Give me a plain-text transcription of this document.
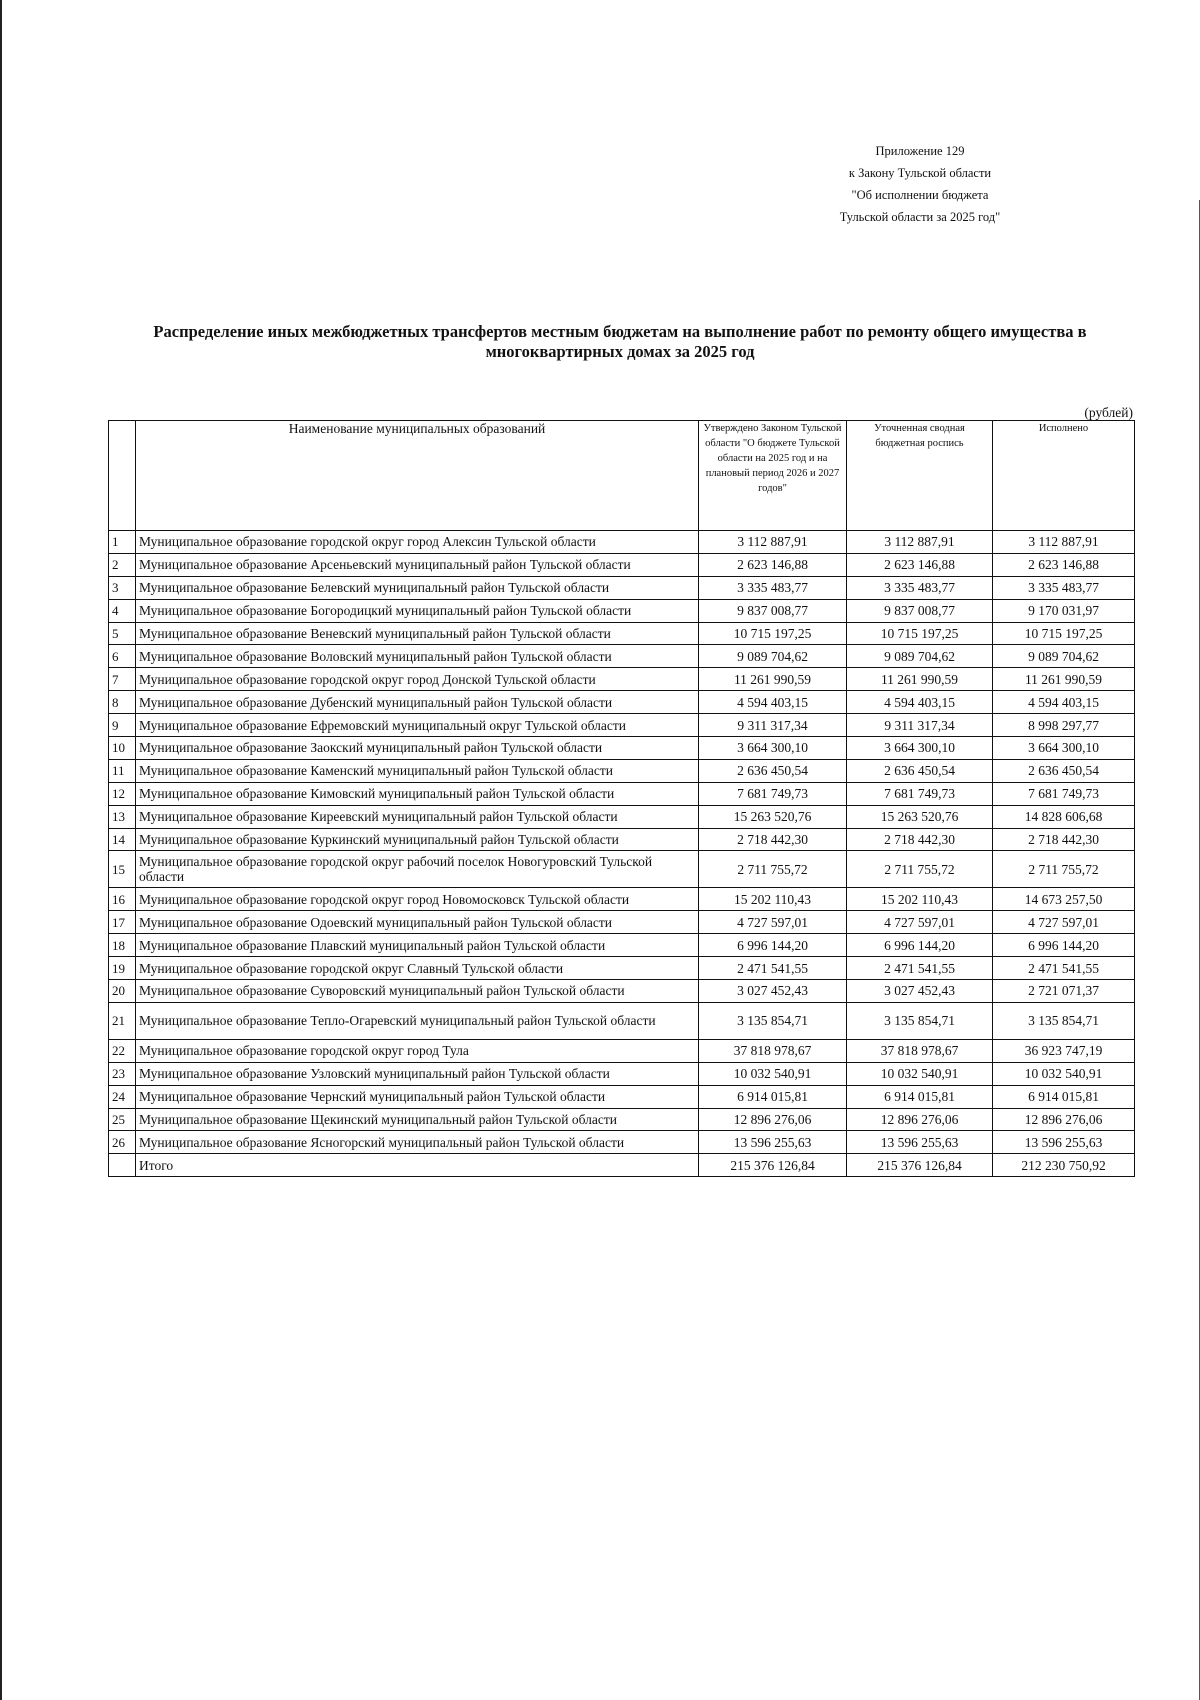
Приложение 129
к Закону Тульской области
"Об исполнении бюджета
Тульской области за 2025 год"
Распределение иных межбюджетных трансфертов местным бюджетам на выполнение работ по ремонту общего имущества в многоквартирных домах за 2025 год
(рублей)
	Наименование муниципальных образований	Утверждено Законом Тульской области "О бюджете Тульской области на 2025 год и на плановый период 2026 и 2027 годов"	Уточненная сводная бюджетная роспись	Исполнено
1	Муниципальное образование городской округ город Алексин Тульской области	3 112 887,91	3 112 887,91	3 112 887,91
2	Муниципальное образование Арсеньевский муниципальный район Тульской области	2 623 146,88	2 623 146,88	2 623 146,88
3	Муниципальное образование Белевский муниципальный район Тульской области	3 335 483,77	3 335 483,77	3 335 483,77
4	Муниципальное образование Богородицкий муниципальный район Тульской области	9 837 008,77	9 837 008,77	9 170 031,97
5	Муниципальное образование Веневский муниципальный район Тульской области	10 715 197,25	10 715 197,25	10 715 197,25
6	Муниципальное образование Воловский муниципальный район Тульской области	9 089 704,62	9 089 704,62	9 089 704,62
7	Муниципальное образование городской округ город Донской Тульской области	11 261 990,59	11 261 990,59	11 261 990,59
8	Муниципальное образование Дубенский муниципальный район Тульской области	4 594 403,15	4 594 403,15	4 594 403,15
9	Муниципальное образование Ефремовский муниципальный округ Тульской области	9 311 317,34	9 311 317,34	8 998 297,77
10	Муниципальное образование Заокский муниципальный район Тульской области	3 664 300,10	3 664 300,10	3 664 300,10
11	Муниципальное образование Каменский муниципальный район Тульской области	2 636 450,54	2 636 450,54	2 636 450,54
12	Муниципальное образование Кимовский муниципальный район Тульской области	7 681 749,73	7 681 749,73	7 681 749,73
13	Муниципальное образование Киреевский муниципальный район Тульской области	15 263 520,76	15 263 520,76	14 828 606,68
14	Муниципальное образование Куркинский муниципальный район Тульской области	2 718 442,30	2 718 442,30	2 718 442,30
15	Муниципальное образование городской округ рабочий поселок Новогуровский Тульской области	2 711 755,72	2 711 755,72	2 711 755,72
16	Муниципальное образование городской округ город Новомосковск Тульской области	15 202 110,43	15 202 110,43	14 673 257,50
17	Муниципальное образование Одоевский муниципальный район Тульской области	4 727 597,01	4 727 597,01	4 727 597,01
18	Муниципальное образование Плавский муниципальный район Тульской области	6 996 144,20	6 996 144,20	6 996 144,20
19	Муниципальное образование городской округ Славный Тульской области	2 471 541,55	2 471 541,55	2 471 541,55
20	Муниципальное образование Суворовский муниципальный район Тульской области	3 027 452,43	3 027 452,43	2 721 071,37
21	Муниципальное образование Тепло-Огаревский муниципальный район Тульской области	3 135 854,71	3 135 854,71	3 135 854,71
22	Муниципальное образование городской округ город Тула	37 818 978,67	37 818 978,67	36 923 747,19
23	Муниципальное образование Узловский муниципальный район Тульской области	10 032 540,91	10 032 540,91	10 032 540,91
24	Муниципальное образование Чернский муниципальный район Тульской области	6 914 015,81	6 914 015,81	6 914 015,81
25	Муниципальное образование Щекинский муниципальный район Тульской области	12 896 276,06	12 896 276,06	12 896 276,06
26	Муниципальное образование Ясногорский муниципальный район Тульской области	13 596 255,63	13 596 255,63	13 596 255,63
	Итого	215 376 126,84	215 376 126,84	212 230 750,92
